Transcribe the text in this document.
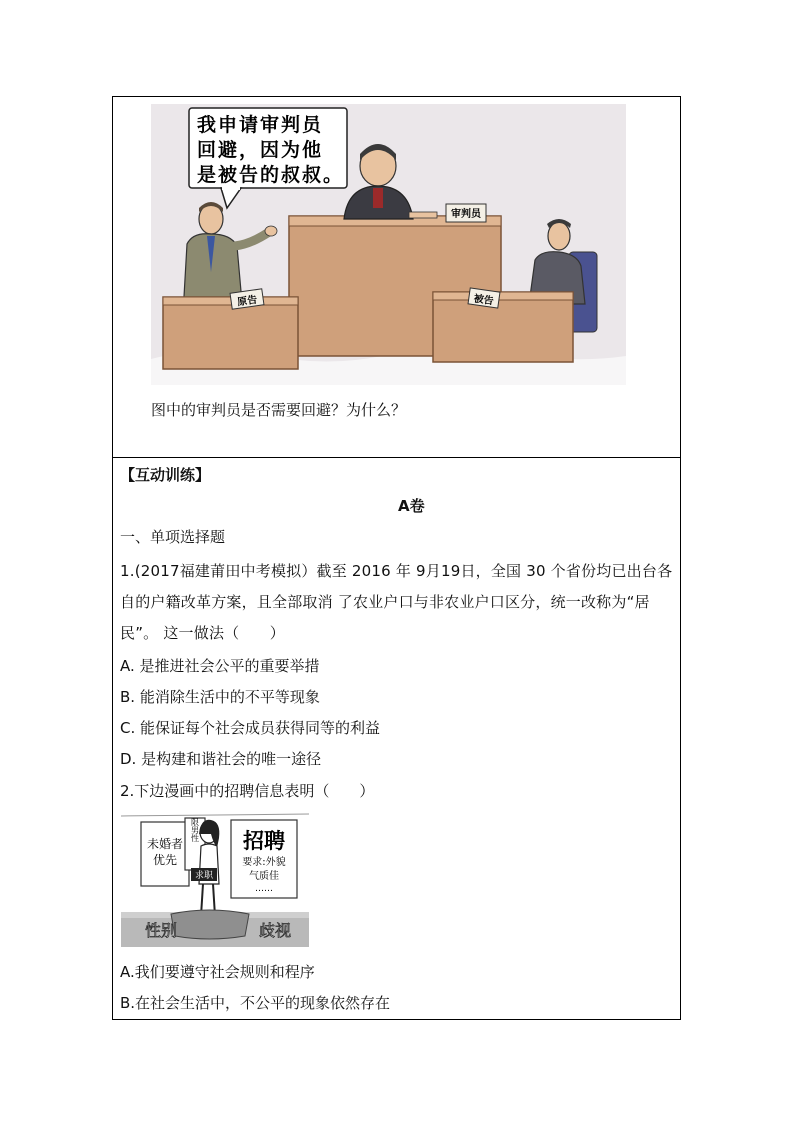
审判员
我申请审判员
回避，因为他
是被告的叔叔。
原告	被告
图中的审判员是否需要回避？为什么？
【互动训练】
A卷
一、单项选择题
1.(2017福建莆田中考模拟）截至 2016 年 9月19日，全国 30 个省份均已出台各自的户籍改革方案，且全部取消 了农业户口与非农业户口区分，统一改称为“居民”。 这一做法（　　）
A. 是推进社会公平的重要举措
B. 能消除生活中的不平等现象
C. 能保证每个社会成员获得同等的利益
D. 是构建和谐社会的唯一途径
2.下边漫画中的招聘信息表明（　　）
未婚者
优先
限男性 招聘
要求:外貌
气质佳
……
求职
性别	歧视
A.我们要遵守社会规则和程序
B.在社会生活中，不公平的现象依然存在
